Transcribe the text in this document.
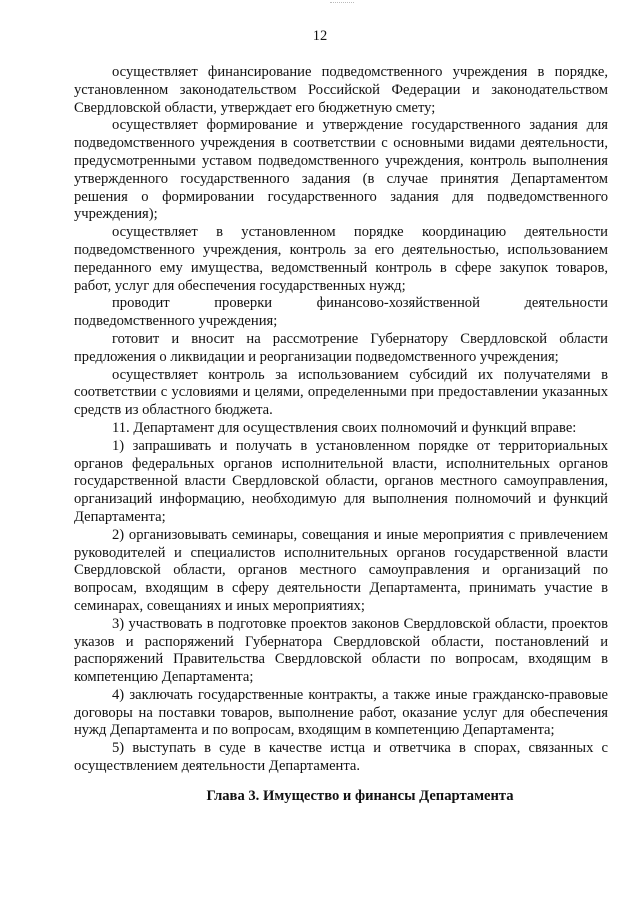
12

осуществляет финансирование подведомственного учреждения в порядке, установленном законодательством Российской Федерации и законодательством Свердловской области, утверждает его бюджетную смету;

осуществляет формирование и утверждение государственного задания для подведомственного учреждения в соответствии с основными видами деятельности, предусмотренными уставом подведомственного учреждения, контроль выполнения утвержденного государственного задания (в случае принятия Департаментом решения о формировании государственного задания для подведомственного учреждения);

осуществляет в установленном порядке координацию деятельности подведомственного учреждения, контроль за его деятельностью, использованием переданного ему имущества, ведомственный контроль в сфере закупок товаров, работ, услуг для обеспечения государственных нужд;

проводит проверки финансово-хозяйственной деятельности подведомственного учреждения;

готовит и вносит на рассмотрение Губернатору Свердловской области предложения о ликвидации и реорганизации подведомственного учреждения;

осуществляет контроль за использованием субсидий их получателями в соответствии с условиями и целями, определенными при предоставлении указанных средств из областного бюджета.

11. Департамент для осуществления своих полномочий и функций вправе:

1) запрашивать и получать в установленном порядке от территориальных органов федеральных органов исполнительной власти, исполнительных органов государственной власти Свердловской области, органов местного самоуправления, организаций информацию, необходимую для выполнения полномочий и функций Департамента;

2) организовывать семинары, совещания и иные мероприятия с привлечением руководителей и специалистов исполнительных органов государственной власти Свердловской области, органов местного самоуправления и организаций по вопросам, входящим в сферу деятельности Департамента, принимать участие в семинарах, совещаниях и иных мероприятиях;

3) участвовать в подготовке проектов законов Свердловской области, проектов указов и распоряжений Губернатора Свердловской области, постановлений и распоряжений Правительства Свердловской области по вопросам, входящим в компетенцию Департамента;

4) заключать государственные контракты, а также иные гражданско-правовые договоры на поставки товаров, выполнение работ, оказание услуг для обеспечения нужд Департамента и по вопросам, входящим в компетенцию Департамента;

5) выступать в суде в качестве истца и ответчика в спорах, связанных с осуществлением деятельности Департамента.

Глава 3. Имущество и финансы Департамента
